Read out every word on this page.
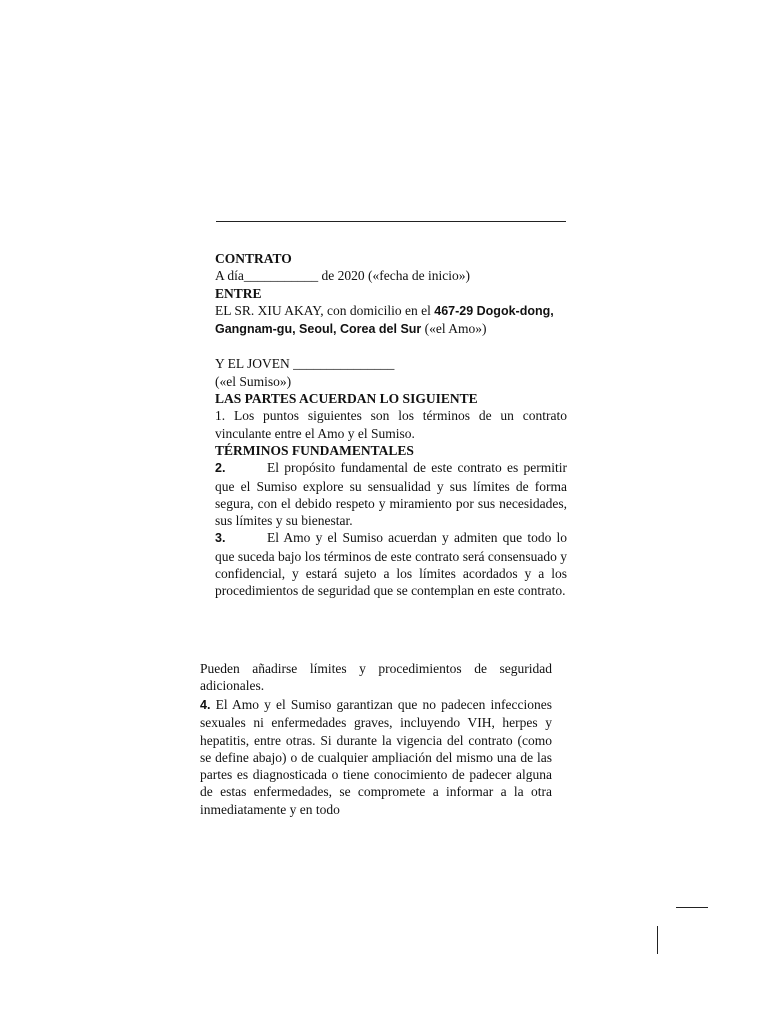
CONTRATO
A día___________ de 2020 («fecha de inicio»)
ENTRE
EL SR. XIU AKAY, con domicilio en el 467-29 Dogok-dong, Gangnam-gu, Seoul, Corea del Sur («el Amo»)
Y EL JOVEN _______________
(«el Sumiso»)
LAS PARTES ACUERDAN LO SIGUIENTE
1. Los puntos siguientes son los términos de un contrato vinculante entre el Amo y el Sumiso.
TÉRMINOS FUNDAMENTALES
2.	El propósito fundamental de este contrato es permitir que el Sumiso explore su sensualidad y sus límites de forma segura, con el debido respeto y miramiento por sus necesidades, sus límites y su bienestar.
3.	El Amo y el Sumiso acuerdan y admiten que todo lo que suceda bajo los términos de este contrato será consensuado y confidencial, y estará sujeto a los límites acordados y a los procedimientos de seguridad que se contemplan en este contrato.
Pueden añadirse límites y procedimientos de seguridad adicionales.
4. El Amo y el Sumiso garantizan que no padecen infecciones sexuales ni enfermedades graves, incluyendo VIH, herpes y hepatitis, entre otras. Si durante la vigencia del contrato (como se define abajo) o de cualquier ampliación del mismo una de las partes es diagnosticada o tiene conocimiento de padecer alguna de estas enfermedades, se compromete a informar a la otra inmediatamente y en todo
